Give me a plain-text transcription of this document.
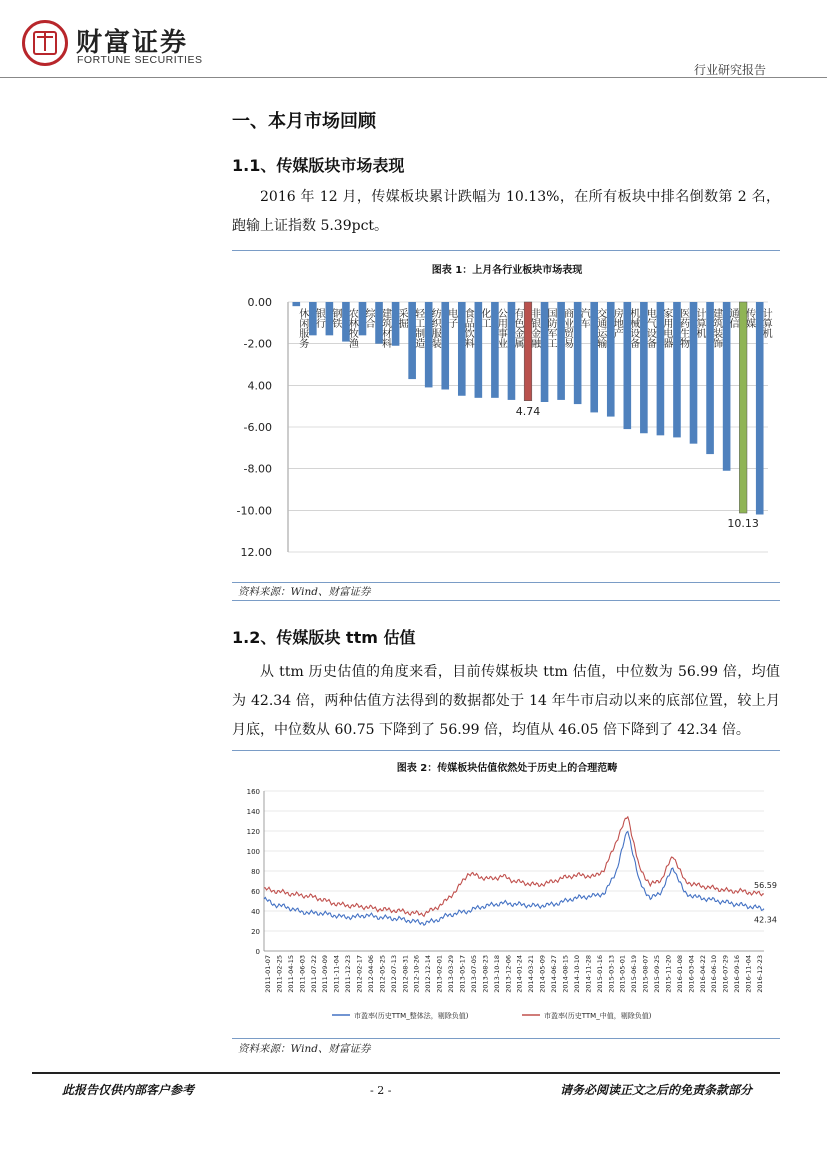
财富证券
FORTUNE SECURITIES
行业研究报告
一、本月市场回顾
1.1、传媒版块市场表现
2016 年 12 月，传媒板块累计跌幅为 10.13%，在所有板块中排名倒数第 2 名，跑输上证指数 5.39pct。
图表 1：上月各行业板块市场表现
0.00
-2.00
4.00
-6.00
-8.00
-10.00
12.00
休闲服务 银行 钢铁 农林牧渔 综合 建筑材料 采掘 轻工制造 纺织服装 电子 食品饮料 化工 公用事业 有色金属 非银金融 国防军工 商业贸易 汽车 交通运输 房地产 机械设备 电气设备 家用电器 医药生物 计算机 建筑装饰 通信 传媒 计算机
4.74
10.13
资料来源：Wind、财富证券
1.2、传媒版块 ttm 估值
从 ttm 历史估值的角度来看，目前传媒板块 ttm 估值，中位数为 56.99 倍，均值为 42.34 倍，两种估值方法得到的数据都处于 14 年牛市启动以来的底部位置，较上月月底，中位数从 60.75 下降到了 56.99 倍，均值从 46.05 倍下降到了 42.34 倍。
图表 2：传媒板块估值依然处于历史上的合理范畴
0
20
40
60
80
100
120
140
160
2011-01-07 2011-02-25 2011-04-15 2011-06-03 2011-07-22 2011-09-09 2011-11-04 2011-12-23 2012-02-17 2012-04-06 2012-05-25 2012-07-13 2012-08-31 2012-10-26 2012-12-14 2013-02-01 2013-03-29 2013-05-17 2013-07-05 2013-08-23 2013-10-18 2013-12-06 2014-01-24 2014-03-21 2014-05-09 2014-06-27 2014-08-15 2014-10-10 2014-11-28 2015-01-16 2015-03-13 2015-05-01 2015-06-19 2015-08-07 2015-09-25 2015-11-20 2016-01-08 2016-03-04 2016-04-22 2016-06-10 2016-07-29 2016-09-16 2016-11-04 2016-12-23
42.34
56.59
市盈率(历史TTM_整体法，剔除负值)	市盈率(历史TTM_中值，剔除负值)
资料来源：Wind、财富证券
此报告仅供内部客户参考	- 2 -	请务必阅读正文之后的免责条款部分
